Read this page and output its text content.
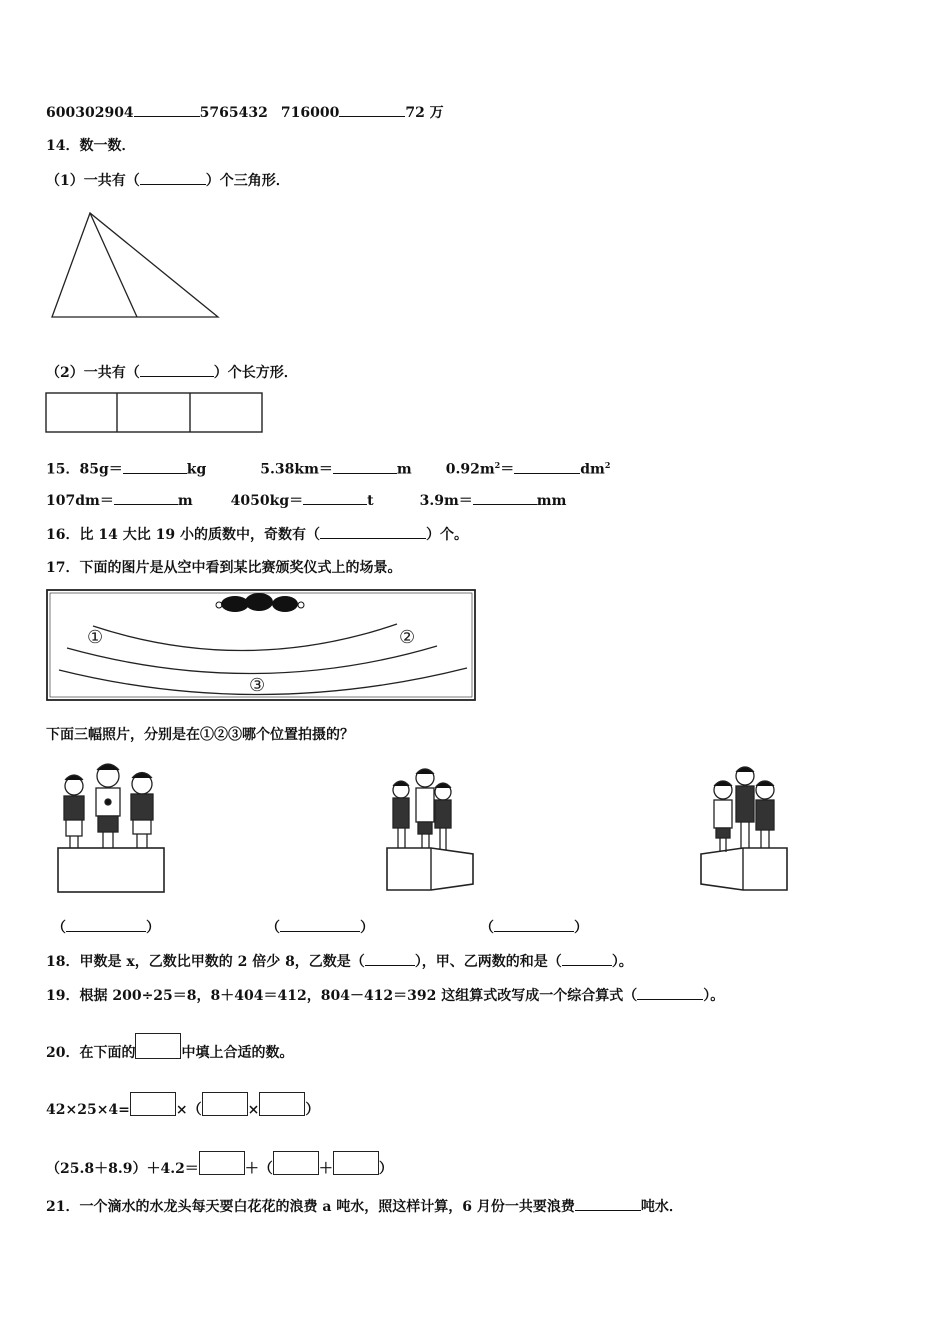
600302904	5765432 716000	72 万
14．数一数．
（1）一共有（	）个三角形．
（2）一共有（	）个长方形．
15．85g＝	kg	5.38km＝	m $0.92m^2=$	$dm^2$
107dm＝	m	4050kg＝	t	3.9m＝	mm
16．比 14 大比 19 小的质数中，奇数有（	）个。
17．下面的图片是从空中看到某比赛颁奖仪式上的场景。
①	②
③
下面三幅照片，分别是在①②③哪个位置拍摄的？
（	）	（	）	（	）
18．甲数是 x，乙数比甲数的 2 倍少 8，乙数是（	），甲、乙两数的和是（	）。
19．根据 200÷25＝8，8＋404＝412，804－412＝392 这组算式改写成一个综合算式（	）。
20．在下面的	中填上合适的数。
42×25×4=	×（	×	）
（25.8＋8.9）＋4.2＝	＋（	＋	）
21．一个滴水的水龙头每天要白花花的浪费 a 吨水，照这样计算，6 月份一共要浪费	吨水．
